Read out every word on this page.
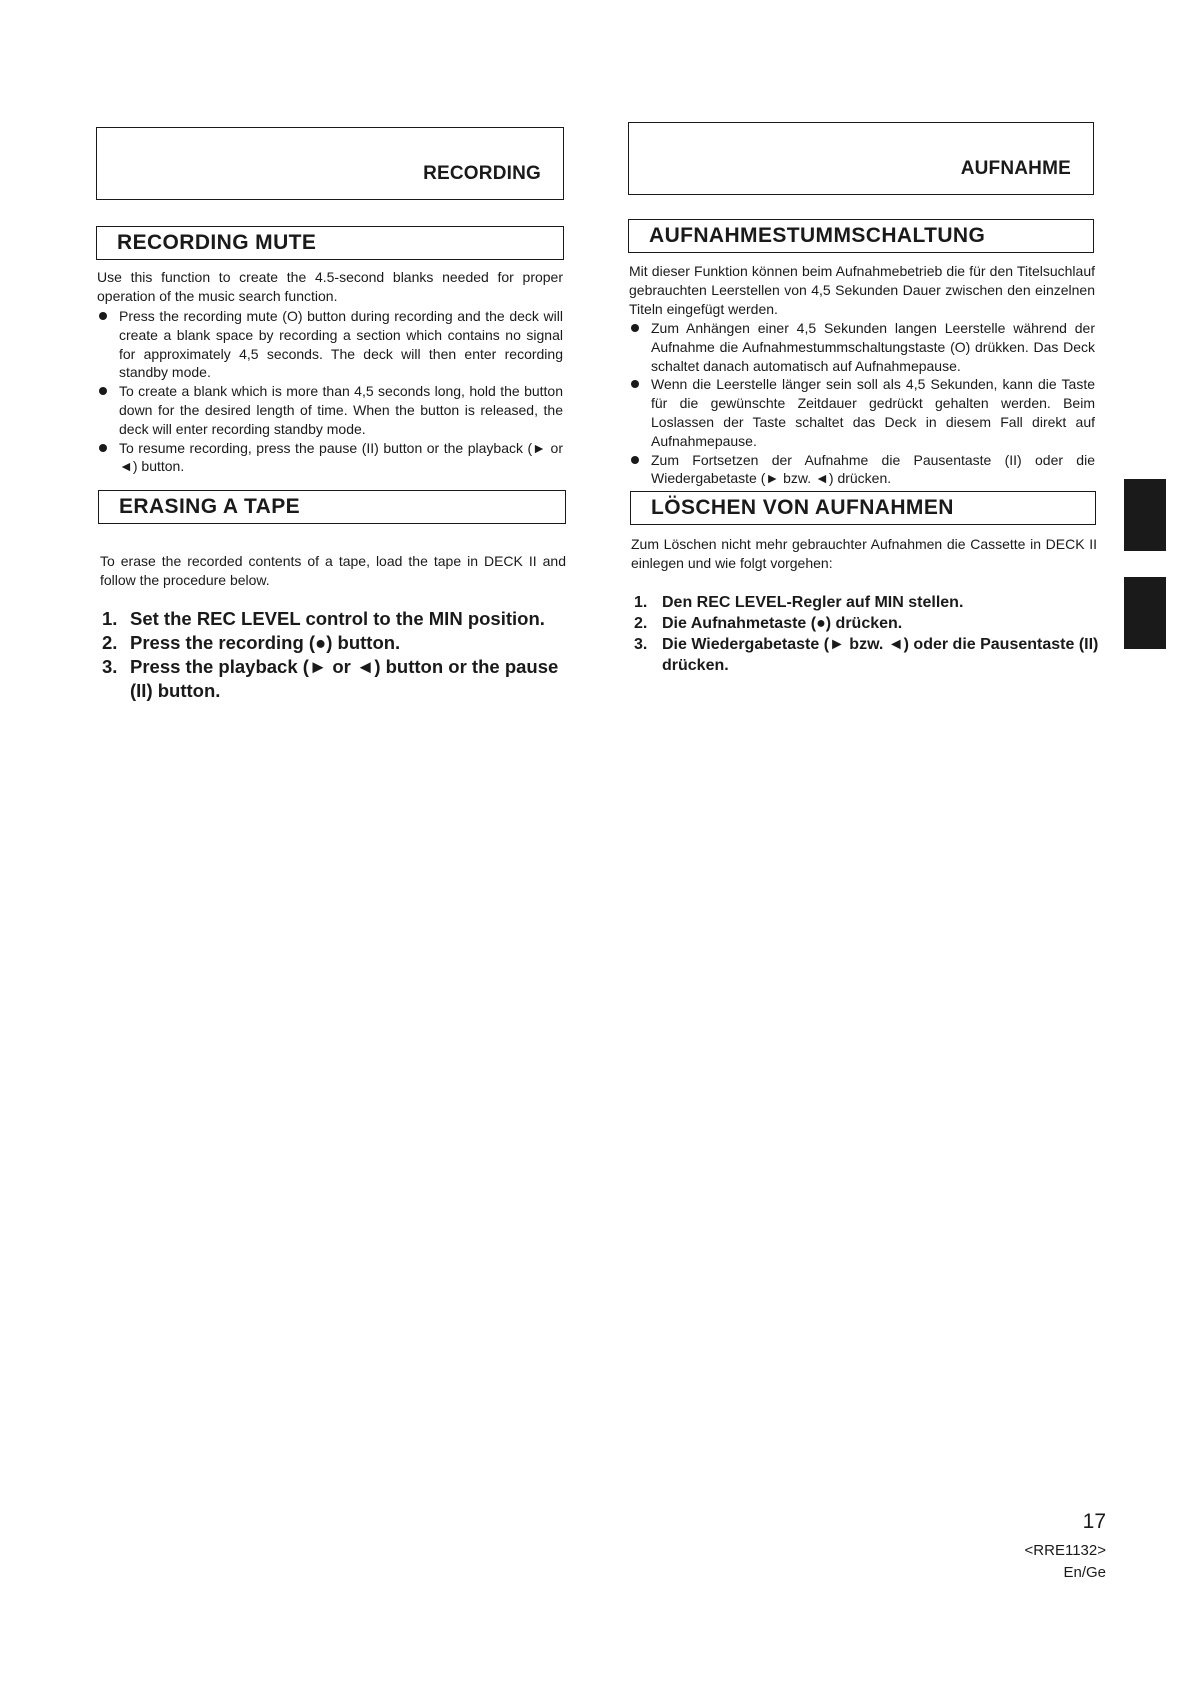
RECORDING
RECORDING MUTE
Use this function to create the 4.5-second blanks needed for proper operation of the music search function.
Press the recording mute (O) button during recording and the deck will create a blank space by recording a section which contains no signal for approximately 4,5 seconds. The deck will then enter recording standby mode.
To create a blank which is more than 4,5 seconds long, hold the button down for the desired length of time. When the button is released, the deck will enter recording standby mode.
To resume recording, press the pause (II) button or the playback (► or ◄) button.
ERASING A TAPE
To erase the recorded contents of a tape, load the tape in DECK II and follow the procedure below.
1. Set the REC LEVEL control to the MIN position.
2. Press the recording (●) button.
3. Press the playback (► or ◄) button or the pause (II) button.
AUFNAHME
AUFNAHMESTUMMSCHALTUNG
Mit dieser Funktion können beim Aufnahmebetrieb die für den Titelsuchlauf gebrauchten Leerstellen von 4,5 Sekunden Dauer zwischen den einzelnen Titeln eingefügt werden.
Zum Anhängen einer 4,5 Sekunden langen Leerstelle während der Aufnahme die Aufnahmestummschaltungstaste (O) drükken. Das Deck schaltet danach automatisch auf Aufnahmepause.
Wenn die Leerstelle länger sein soll als 4,5 Sekunden, kann die Taste für die gewünschte Zeitdauer gedrückt gehalten werden. Beim Loslassen der Taste schaltet das Deck in diesem Fall direkt auf Aufnahmepause.
Zum Fortsetzen der Aufnahme die Pausentaste (II) oder die Wiedergabetaste (► bzw. ◄) drücken.
LÖSCHEN VON AUFNAHMEN
Zum Löschen nicht mehr gebrauchter Aufnahmen die Cassette in DECK II einlegen und wie folgt vorgehen:
1. Den REC LEVEL-Regler auf MIN stellen.
2. Die Aufnahmetaste (●) drücken.
3. Die Wiedergabetaste (► bzw. ◄) oder die Pausentaste (II) drücken.
17
<RRE1132>
En/Ge
